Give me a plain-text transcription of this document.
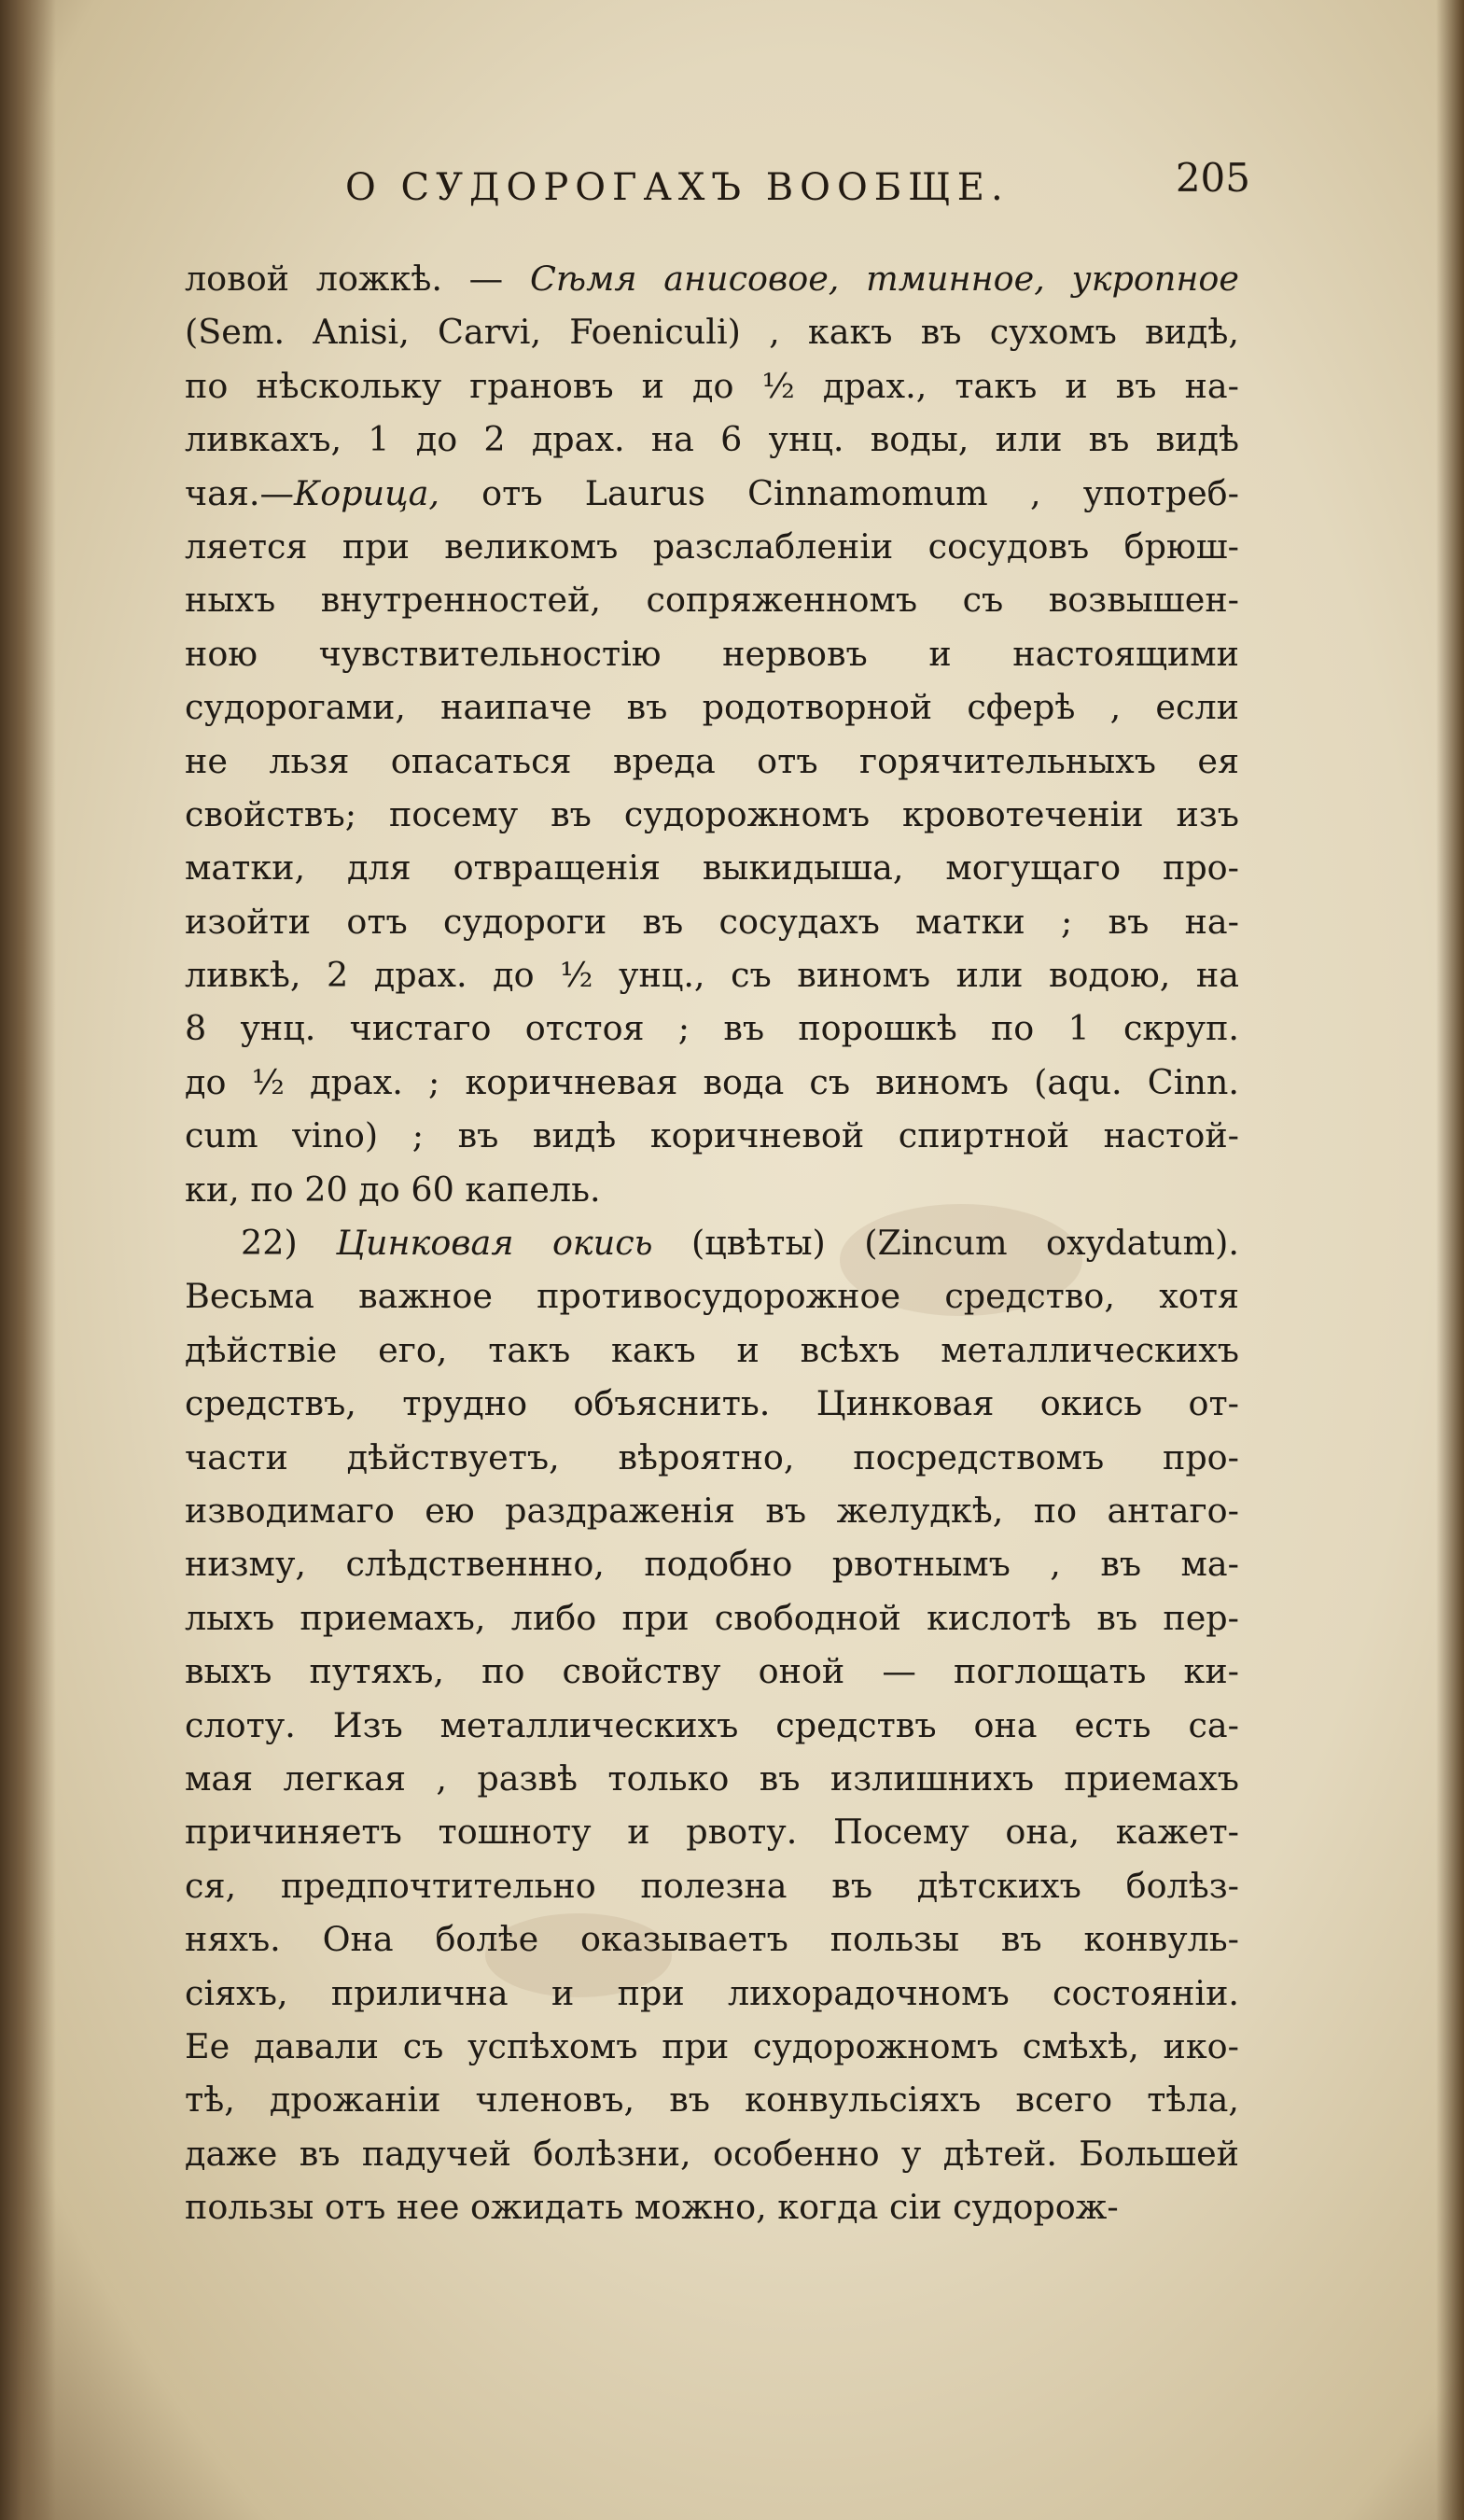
О СУДОРОГАХЪ ВООБЩЕ.	205
ловой ложкѣ. — Сѣмя анисовое, тминное, укропное
(Sem. Anisi, Carvi, Foeniculi) , какъ въ сухомъ видѣ,
по нѣскольку грановъ и до ½ драх., такъ и въ на-
ливкахъ, 1 до 2 драх. на 6 унц. воды, или въ видѣ
чая.—Корица, отъ Laurus Cinnamomum , употреб-
ляется при великомъ разслабленіи сосудовъ брюш-
ныхъ внутренностей, сопряженномъ съ возвышен-
ною чувствительностію нервовъ и настоящими
судорогами, наипаче въ родотворной сферѣ , если
не льзя опасаться вреда отъ горячительныхъ ея
свойствъ; посему въ судорожномъ кровотеченіи изъ
матки, для отвращенія выкидыша, могущаго про-
изойти отъ судороги въ сосудахъ матки ; въ на-
ливкѣ, 2 драх. до ½ унц., съ виномъ или водою, на
8 унц. чистаго отстоя ; въ порошкѣ по 1 скруп.
до ½ драх. ; коричневая вода съ виномъ (aqu. Cinn.
cum vino) ; въ видѣ коричневой спиртной настой-
ки, по 20 до 60 капель.
22) Цинковая окись (цвѣты) (Zincum oxydatum).
Весьма важное противосудорожное средство, хотя
дѣйствіе его, такъ какъ и всѣхъ металлическихъ
средствъ, трудно объяснить. Цинковая окись от-
части дѣйствуетъ, вѣроятно, посредствомъ про-
изводимаго ею раздраженія въ желудкѣ, по антаго-
низму, слѣдственнно, подобно рвотнымъ , въ ма-
лыхъ приемахъ, либо при свободной кислотѣ въ пер-
выхъ путяхъ, по свойству оной — поглощать ки-
слоту. Изъ металлическихъ средствъ она есть са-
мая легкая , развѣ только въ излишнихъ приемахъ
причиняетъ тошноту и рвоту. Посему она, кажет-
ся, предпочтительно полезна въ дѣтскихъ болѣз-
няхъ. Она болѣе оказываетъ пользы въ конвуль-
сіяхъ, прилична и при лихорадочномъ состояніи.
Ее давали съ успѣхомъ при судорожномъ смѣхѣ, ико-
тѣ, дрожаніи членовъ, въ конвульсіяхъ всего тѣла,
даже въ падучей болѣзни, особенно у дѣтей. Большей
пользы отъ нее ожидать можно, когда сіи судорож-
